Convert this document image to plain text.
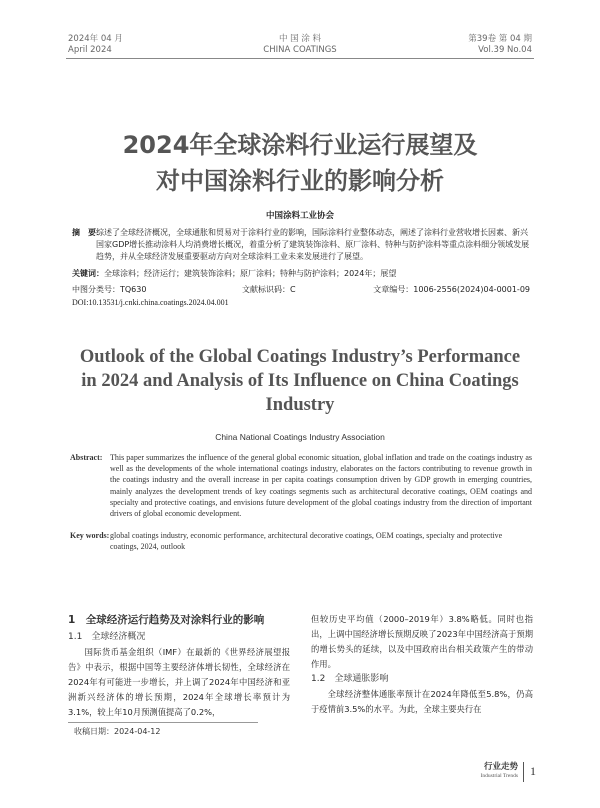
2024年 04 月
April 2024
中 国 涂 料
CHINA COATINGS
第39卷 第 04 期
Vol.39 No.04
2024年全球涂料行业运行展望及
对中国涂料行业的影响分析
中国涂料工业协会
摘　要：
综述了全球经济概况，全球通胀和贸易对于涂料行业的影响，国际涂料行业整体动态，阐述了涂料行业营收增长因素、新兴国家GDP增长推动涂料人均消费增长概况，着重分析了建筑装饰涂料、原厂涂料、特种与防护涂料等重点涂料细分领域发展趋势，并从全球经济发展重要驱动方向对全球涂料工业未来发展进行了展望。
关键词：全球涂料；经济运行；建筑装饰涂料；原厂涂料；特种与防护涂料；2024年；展望
中图分类号：TQ630	文献标识码：C	文章编号：1006-2556(2024)04-0001-09
DOI:10.13531/j.cnki.china.coatings.2024.04.001
Outlook of the Global Coatings Industry’s Performance
in 2024 and Analysis of Its Influence on China Coatings
Industry
China National Coatings Industry Association
Abstract: This paper summarizes the influence of the general global economic situation, global inflation and trade on the coatings industry as well as the developments of the whole international coatings industry, elaborates on the factors contributing to revenue growth in the coatings industry and the overall increase in per capita coatings consumption driven by GDP growth in emerging countries, mainly analyzes the development trends of key coatings segments such as architectural decorative coatings, OEM coatings and specialty and protective coatings, and envisions future development of the global coatings industry from the direction of important drivers of global economic development.
Key words: global coatings industry, economic performance, architectural decorative coatings, OEM coatings, specialty and protective coatings, 2024, outlook
1　全球经济运行趋势及对涂料行业的影响
1.1　全球经济概况
国际货币基金组织（IMF）在最新的《世界经济展望报告》中表示，根据中国等主要经济体增长韧性，全球经济在2024年有可能进一步增长，并上调了2024年中国经济和亚洲新兴经济体的增长预期，2024年全球增长率预计为3.1%，较上年10月预测值提高了0.2%，
但较历史平均值（2000–2019年）3.8%略低。同时也指出，上调中国经济增长预期反映了2023年中国经济高于预期的增长势头的延续，以及中国政府出台相关政策产生的带动作用。
1.2　全球通胀影响
全球经济整体通胀率预计在2024年降低至5.8%，仍高于疫情前3.5%的水平。为此，全球主要央行在
收稿日期：2024-04-12
行业走势
Industrial Trends 1
